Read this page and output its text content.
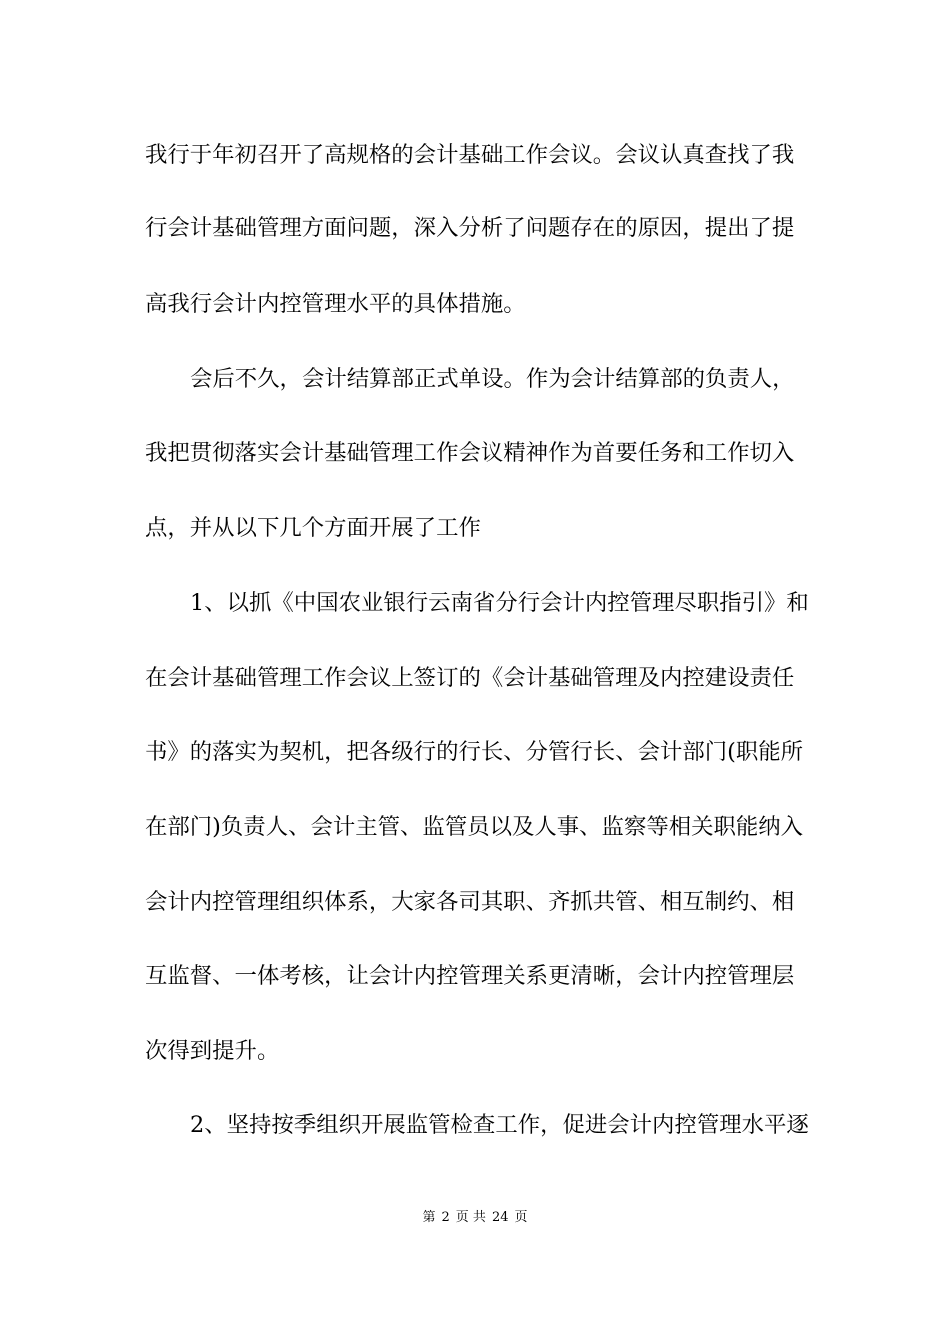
我行于年初召开了高规格的会计基础工作会议。会议认真查找了我
行会计基础管理方面问题，深入分析了问题存在的原因，提出了提
高我行会计内控管理水平的具体措施。
会后不久，会计结算部正式单设。作为会计结算部的负责人，
我把贯彻落实会计基础管理工作会议精神作为首要任务和工作切入
点，并从以下几个方面开展了工作
1、以抓《中国农业银行云南省分行会计内控管理尽职指引》和
在会计基础管理工作会议上签订的《会计基础管理及内控建设责任
书》的落实为契机，把各级行的行长、分管行长、会计部门(职能所
在部门)负责人、会计主管、监管员以及人事、监察等相关职能纳入
会计内控管理组织体系，大家各司其职、齐抓共管、相互制约、相
互监督、一体考核，让会计内控管理关系更清晰，会计内控管理层
次得到提升。
2、坚持按季组织开展监管检查工作，促进会计内控管理水平逐
第 2 页 共 24 页
